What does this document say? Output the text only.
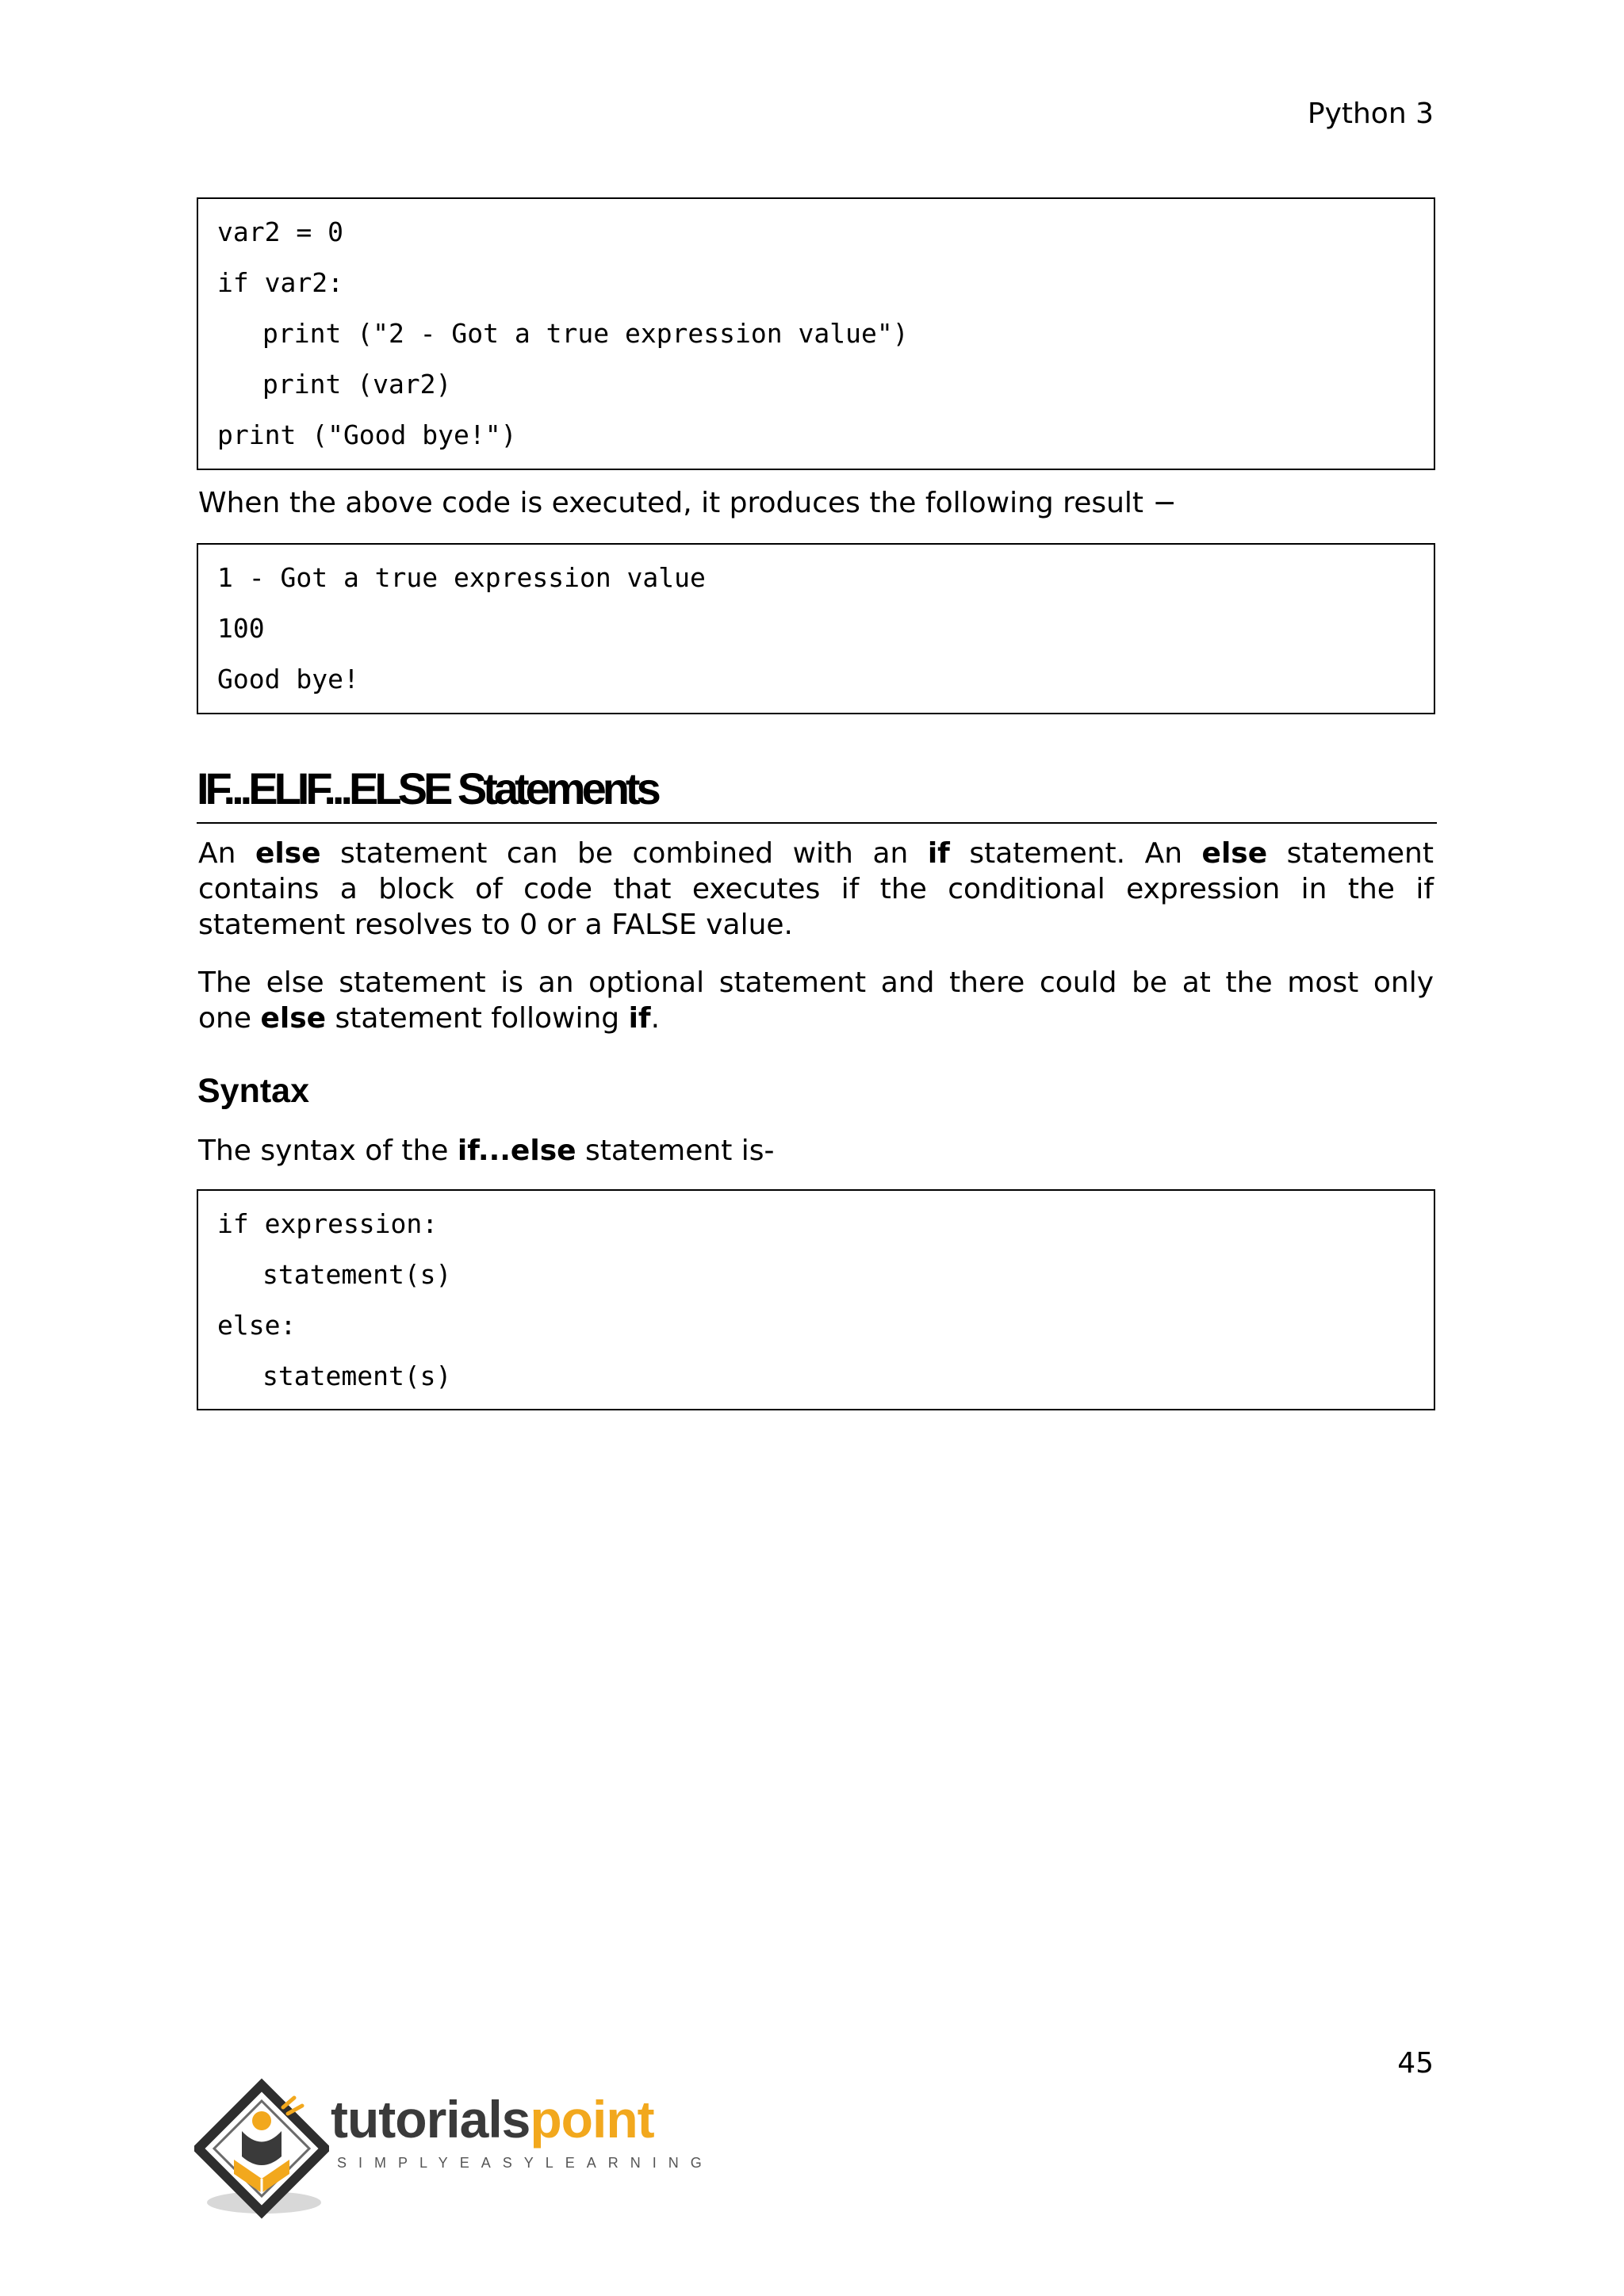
Python 3
var2 = 0
if var2:
print ("2 - Got a true expression value")
print (var2)
print ("Good bye!")
When the above code is executed, it produces the following result −
1 - Got a true expression value
100
Good bye!
IF...ELIF...ELSE Statements
An else statement can be combined with an if statement. An else statement contains a block of code that executes if the conditional expression in the if statement resolves to 0 or a FALSE value.
The else statement is an optional statement and there could be at the most only
one else statement following if.
Syntax
The syntax of the if...else statement is-
if expression:
statement(s)
else:
statement(s)
45
tutorialspoint
SIMPLYEASYLEARNING
